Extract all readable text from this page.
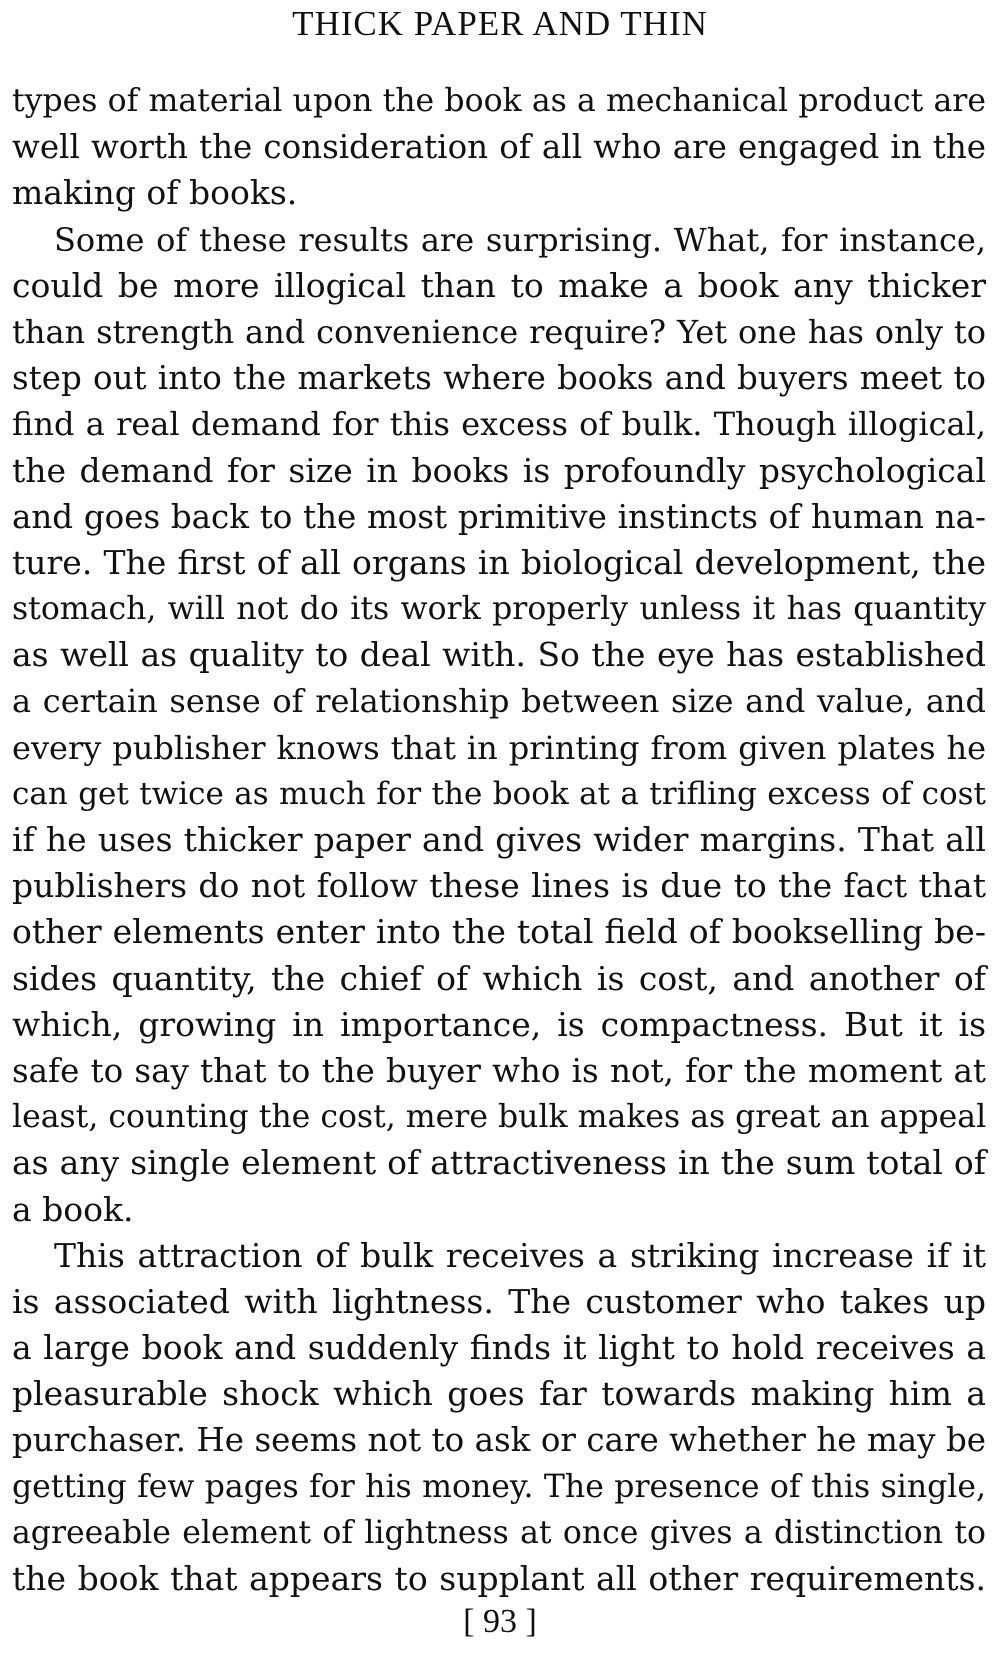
THICK PAPER AND THIN
types of material upon the book as a mechanical product are
well worth the consideration of all who are engaged in the
making of books.
Some of these results are surprising. What, for instance,
could be more illogical than to make a book any thicker
than strength and convenience require? Yet one has only to
step out into the markets where books and buyers meet to
find a real demand for this excess of bulk. Though illogical,
the demand for size in books is profoundly psychological
and goes back to the most primitive instincts of human na-
ture. The first of all organs in biological development, the
stomach, will not do its work properly unless it has quantity
as well as quality to deal with. So the eye has established
a certain sense of relationship between size and value, and
every publisher knows that in printing from given plates he
can get twice as much for the book at a trifling excess of cost
if he uses thicker paper and gives wider margins. That all
publishers do not follow these lines is due to the fact that
other elements enter into the total field of bookselling be-
sides quantity, the chief of which is cost, and another of
which, growing in importance, is compactness. But it is
safe to say that to the buyer who is not, for the moment at
least, counting the cost, mere bulk makes as great an appeal
as any single element of attractiveness in the sum total of
a book.
This attraction of bulk receives a striking increase if it
is associated with lightness. The customer who takes up
a large book and suddenly finds it light to hold receives a
pleasurable shock which goes far towards making him a
purchaser. He seems not to ask or care whether he may be
getting few pages for his money. The presence of this single,
agreeable element of lightness at once gives a distinction to
the book that appears to supplant all other requirements.
[ 93 ]
